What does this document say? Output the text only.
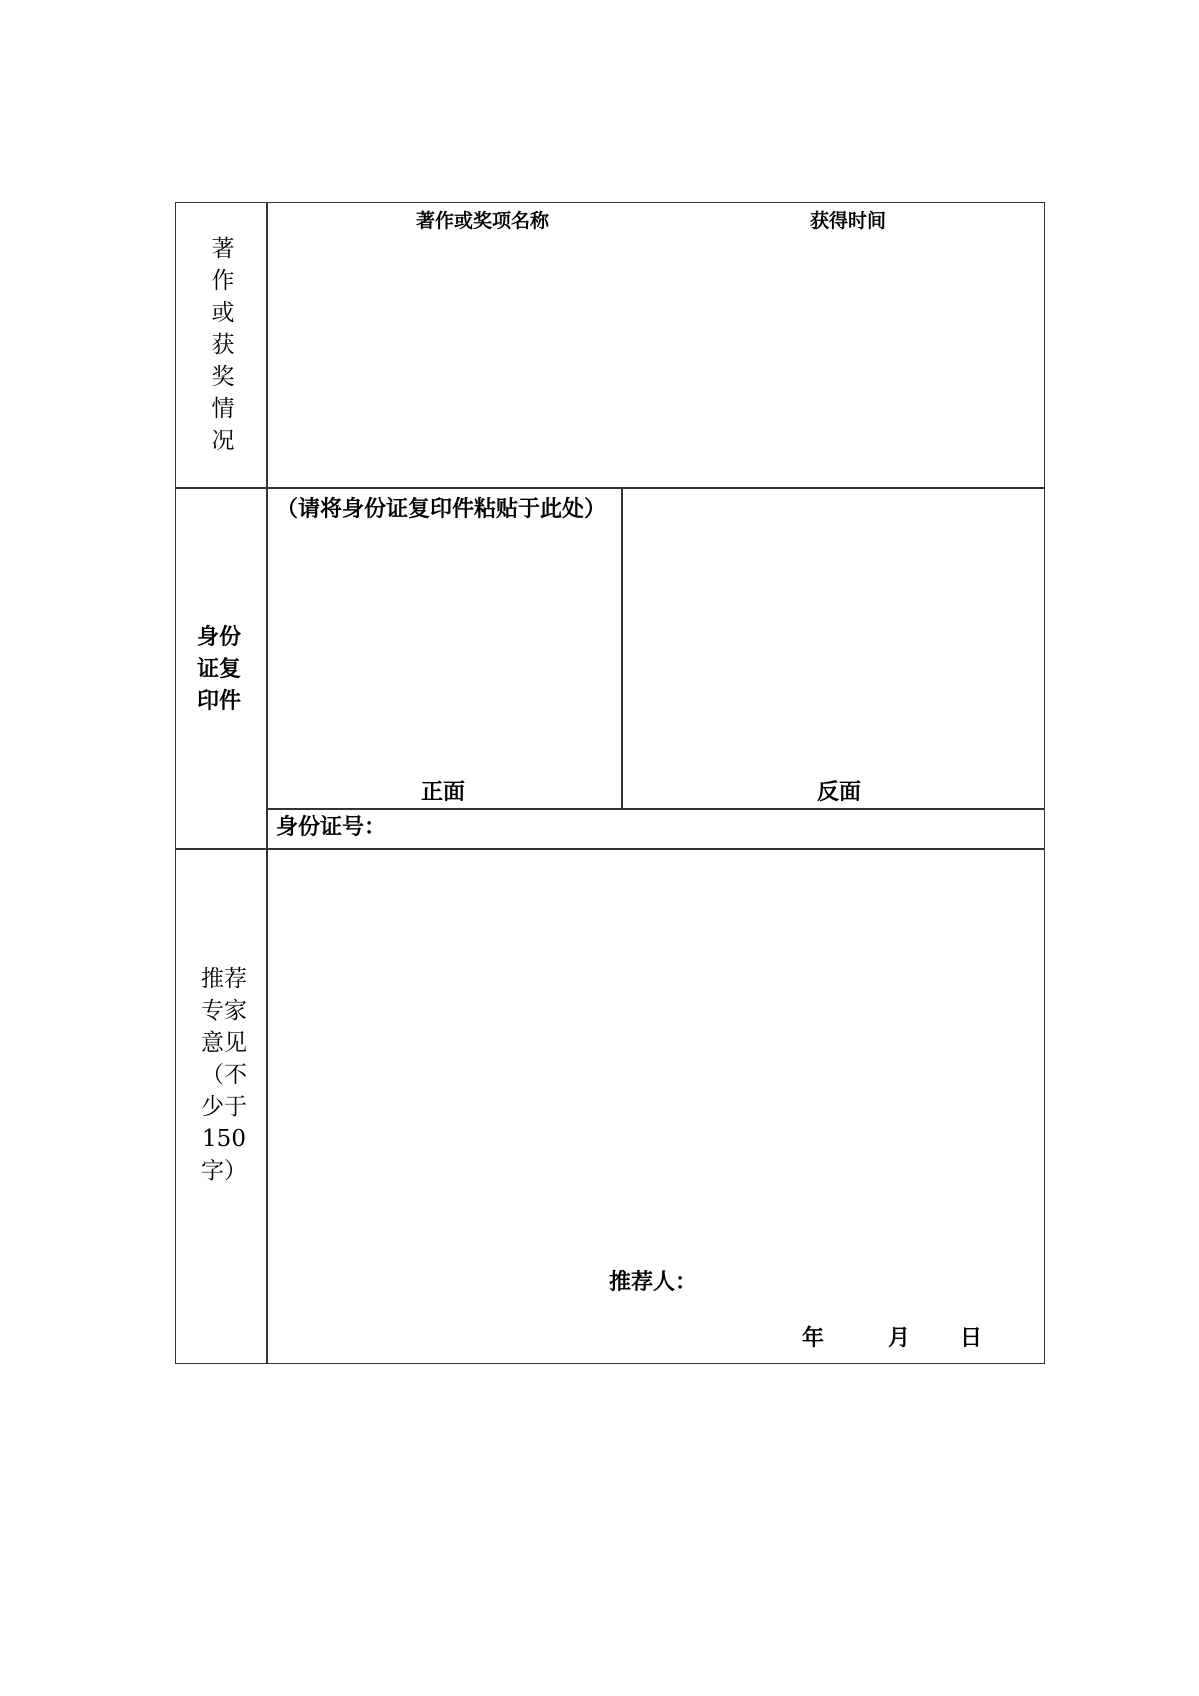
著作或获奖情况
著作或奖项名称	获得时间
身份证复印件
（请将身份证复印件粘贴于此处）
正面	反面
身份证号：
推荐专家意见（不少于150字）
推荐人：
年	月 日
